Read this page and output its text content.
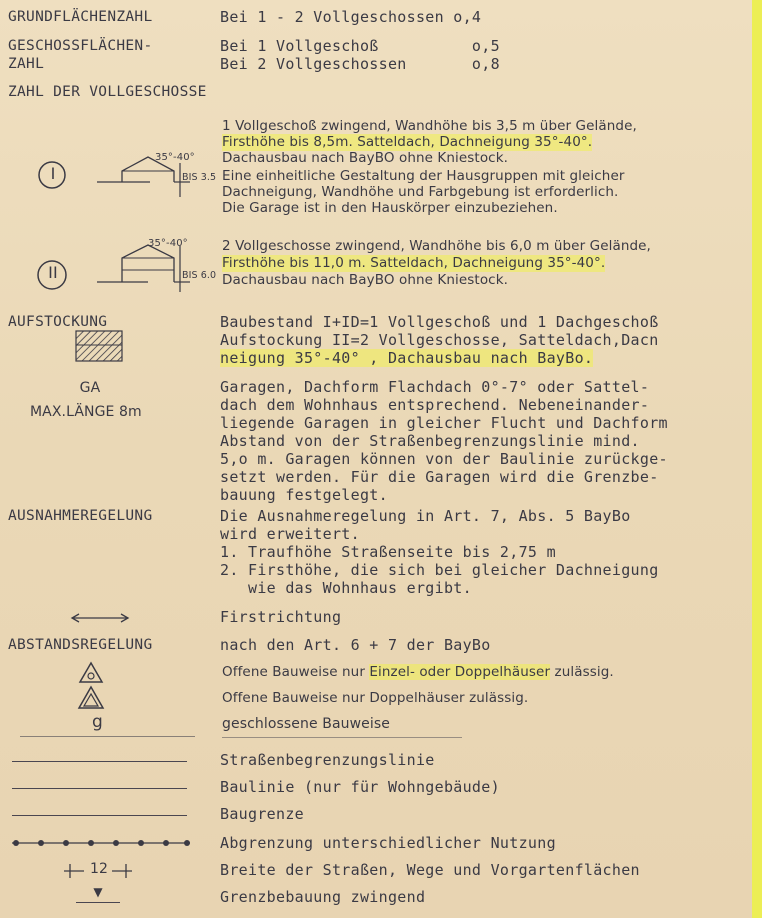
GRUNDFLÄCHENZAHL	Bei 1 - 2 Vollgeschossen o,4
GESCHOSSFLÄCHEN-
ZAHL
Bei 1 Vollgeschoß          o,5
Bei 2 Vollgeschossen       o,8
ZAHL DER VOLLGESCHOSSE
I
35°-40°
BIS 3.5
1 Vollgeschoß zwingend, Wandhöhe bis 3,5 m über Gelände,
Firsthöhe bis 8,5m. Satteldach, Dachneigung 35°-40°.
Dachausbau nach BayBO ohne Kniestock.
Eine einheitliche Gestaltung der Hausgruppen mit gleicher
Dachneigung, Wandhöhe und Farbgebung ist erforderlich.
Die Garage ist in den Hauskörper einzubeziehen.
II
35°-40°
BIS 6.0
2 Vollgeschosse zwingend, Wandhöhe bis 6,0 m über Gelände,
Firsthöhe bis 11,0 m. Satteldach, Dachneigung 35°-40°.
Dachausbau nach BayBO ohne Kniestock.
AUFSTOCKUNG	Baubestand I+ID=1 Vollgeschoß und 1 Dachgeschoß
Aufstockung II=2 Vollgeschosse, Satteldach,Dacn
neigung 35°-40° , Dachausbau nach BayBo.
GA
MAX.LÄNGE 8m
Garagen, Dachform Flachdach 0°-7° oder Sattel-
dach dem Wohnhaus entsprechend. Nebeneinander-
liegende Garagen in gleicher Flucht und Dachform
Abstand von der Straßenbegrenzungslinie mind.
5,o m. Garagen können von der Baulinie zurückge-
setzt werden. Für die Garagen wird die Grenzbe-
bauung festgelegt.
AUSNAHMEREGELUNG	Die Ausnahmeregelung in Art. 7, Abs. 5 BayBo
wird erweitert.
1. Traufhöhe Straßenseite bis 2,75 m
2. Firsthöhe, die sich bei gleicher Dachneigung
wie das Wohnhaus ergibt.
Firstrichtung
ABSTANDSREGELUNG	nach den Art. 6 + 7 der BayBo
Offene Bauweise nur Einzel- oder Doppelhäuser zulässig.
Offene Bauweise nur Doppelhäuser zulässig.
g	geschlossene Bauweise
Straßenbegrenzungslinie
Baulinie (nur für Wohngebäude)
Baugrenze
Abgrenzung unterschiedlicher Nutzung
12	Breite der Straßen, Wege und Vorgartenflächen
▼	Grenzbebauung zwingend
